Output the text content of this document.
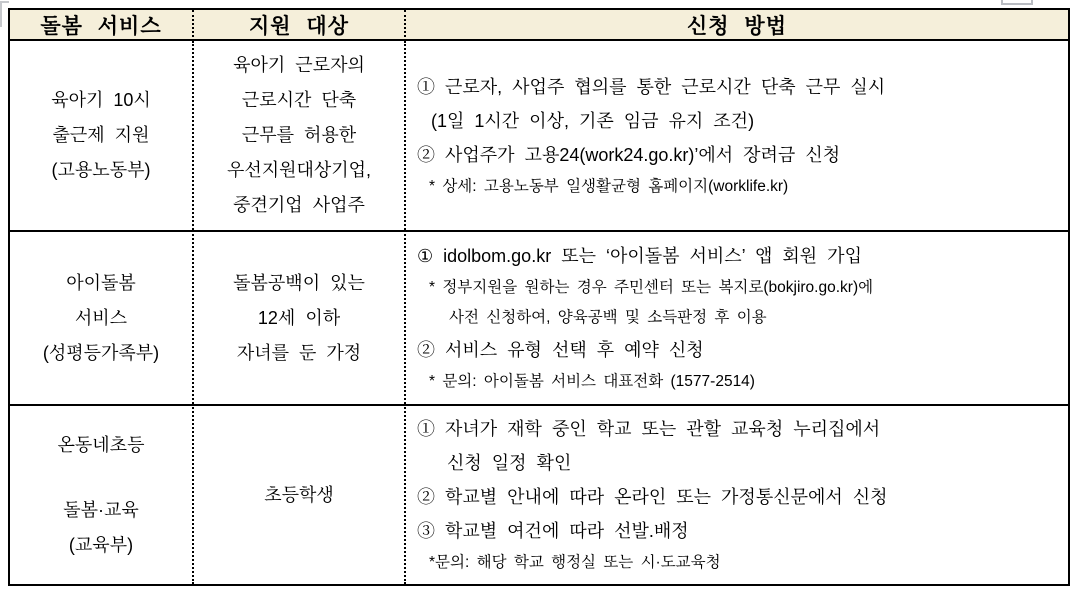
돌봄 서비스	지원 대상	신청 방법
육아기 10시
출근제 지원
(고용노동부)
육아기 근로자의
근로시간 단축
근무를 허용한
우선지원대상기업,
중견기업 사업주
① 근로자, 사업주 협의를 통한 근로시간 단축 근무 실시
(1일 1시간 이상, 기존 임금 유지 조건)
② 사업주가 고용24(work24.go.kr)’에서 장려금 신청
* 상세: 고용노동부 일생활균형 홈페이지(worklife.kr)
아이돌봄
서비스
(성평등가족부)
돌봄공백이 있는
12세 이하
자녀를 둔 가정
① idolbom.go.kr 또는 ‘아이돌봄 서비스’ 앱 회원 가입
* 정부지원을 원하는 경우 주민센터 또는 복지로(bokjiro.go.kr)에
사전 신청하여, 양육공백 및 소득판정 후 이용
② 서비스 유형 선택 후 예약 신청
* 문의: 아이돌봄 서비스 대표전화 (1577-2514)
온동네초등
돌봄·교육
(교육부)
초등학생
① 자녀가 재학 중인 학교 또는 관할 교육청 누리집에서
신청 일정 확인
② 학교별 안내에 따라 온라인 또는 가정통신문에서 신청
③ 학교별 여건에 따라 선발.배정
*문의: 해당 학교 행정실 또는 시·도교육청
